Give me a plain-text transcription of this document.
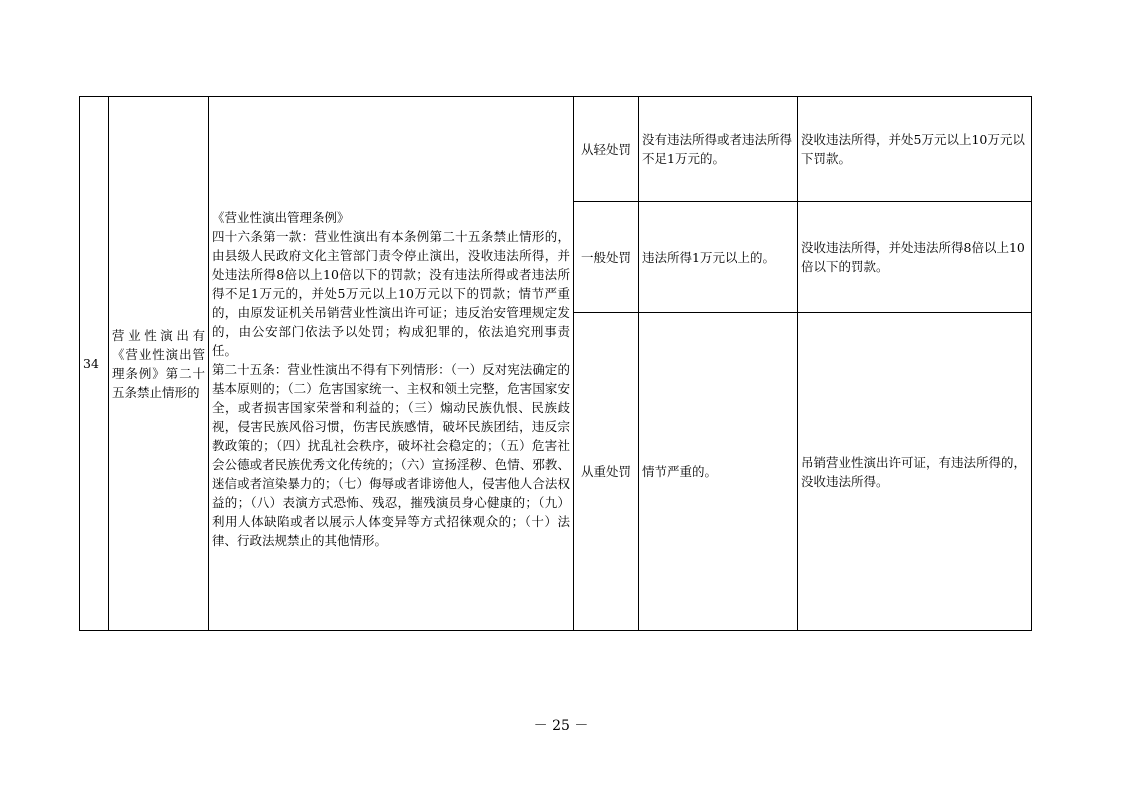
34	营业性演出有《营业性演出管理条例》第二十五条禁止情形的	《营业性演出管理条例》
四十六条第一款：营业性演出有本条例第二十五条禁止情形的，由县级人民政府文化主管部门责令停止演出，没收违法所得，并处违法所得8倍以上10倍以下的罚款；没有违法所得或者违法所得不足1万元的，并处5万元以上10万元以下的罚款；情节严重的，由原发证机关吊销营业性演出许可证；违反治安管理规定发的，由公安部门依法予以处罚；构成犯罪的，依法追究刑事责任。
第二十五条：营业性演出不得有下列情形：（一）反对宪法确定的基本原则的；（二）危害国家统一、主权和领土完整，危害国家安全，或者损害国家荣誉和利益的；（三）煽动民族仇恨、民族歧视，侵害民族风俗习惯，伤害民族感情，破坏民族团结，违反宗教政策的；（四）扰乱社会秩序，破坏社会稳定的；（五）危害社会公德或者民族优秀文化传统的；（六）宣扬淫秽、色情、邪教、迷信或者渲染暴力的；（七）侮辱或者诽谤他人，侵害他人合法权益的；（八）表演方式恐怖、残忍，摧残演员身心健康的；（九）利用人体缺陷或者以展示人体变异等方式招徕观众的；（十）法律、行政法规禁止的其他情形。	从轻处罚	没有违法所得或者违法所得不足1万元的。	没收违法所得，并处5万元以上10万元以下罚款。
			一般处罚	违法所得1万元以上的。	没收违法所得，并处违法所得8倍以上10倍以下的罚款。
			从重处罚	情节严重的。	吊销营业性演出许可证，有违法所得的，没收违法所得。
－ 25 －
